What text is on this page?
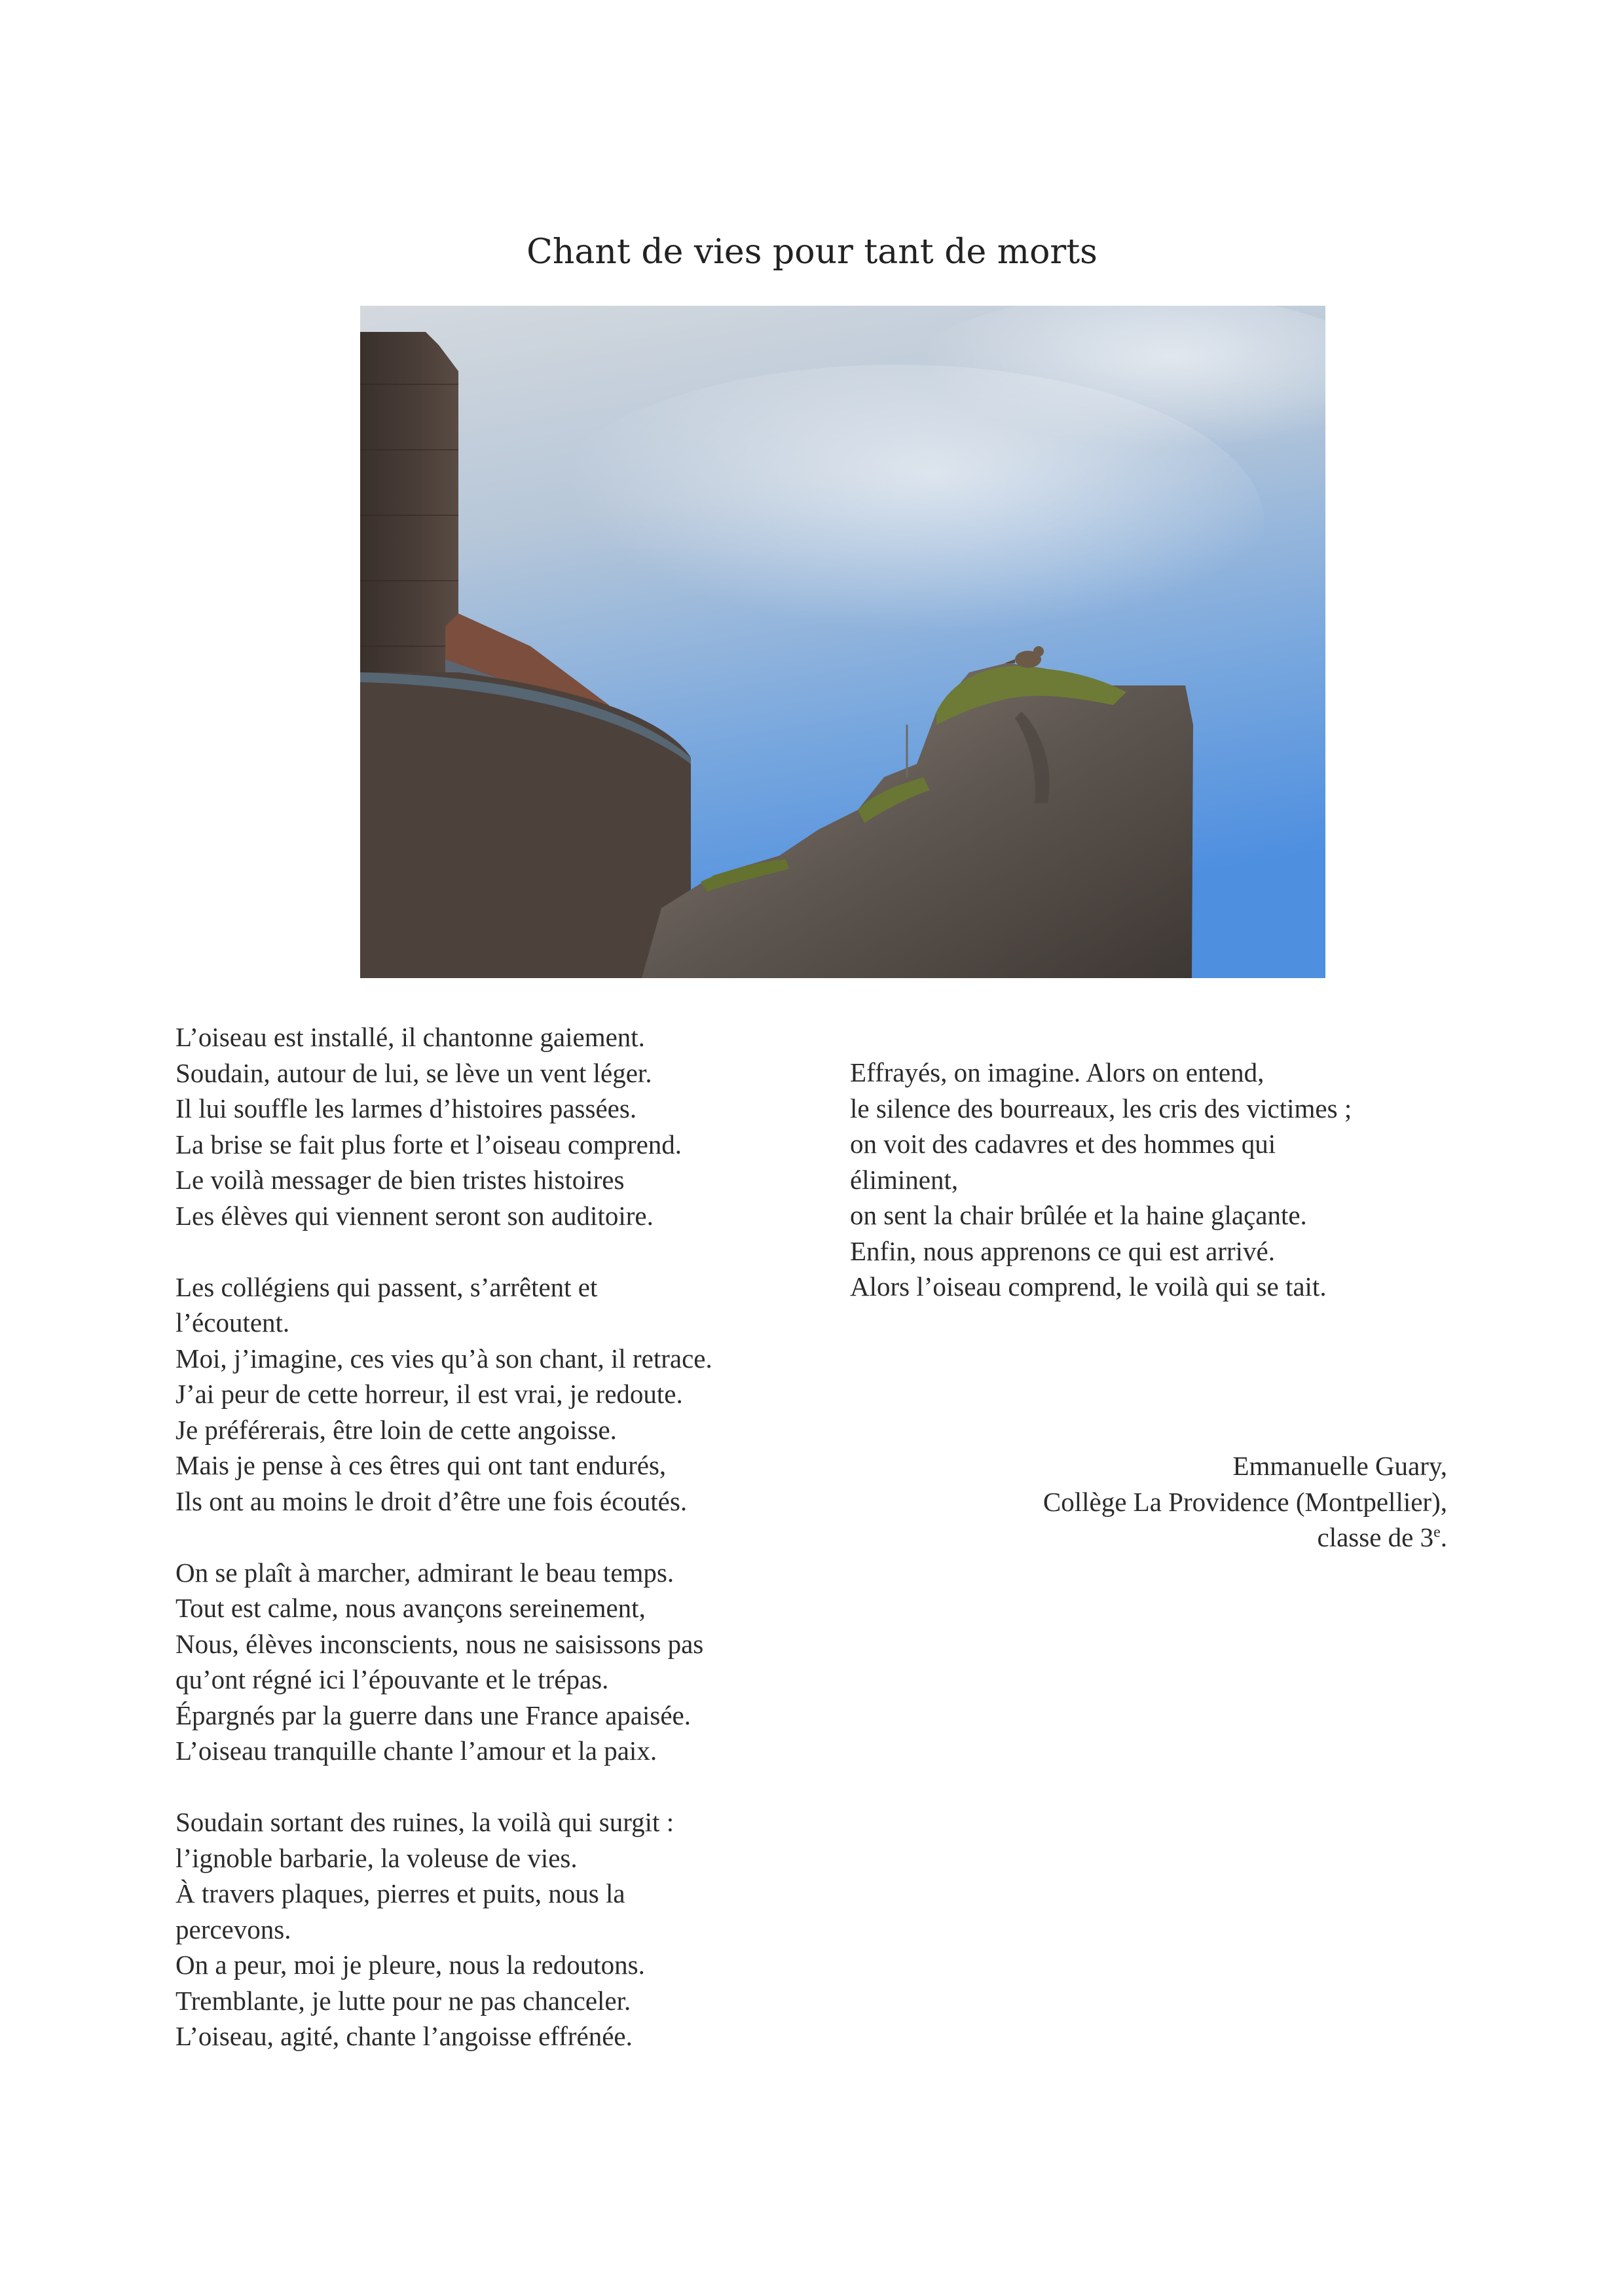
Chant de vies pour tant de morts
L’oiseau est installé, il chantonne gaiement.
Soudain, autour de lui, se lève un vent léger.
Il lui souffle les larmes d’histoires passées.
La brise se fait plus forte et l’oiseau comprend.
Le voilà messager de bien tristes histoires
Les élèves qui viennent seront son auditoire.
Les collégiens qui passent, s’arrêtent et
l’écoutent.
Moi, j’imagine, ces vies qu’à son chant, il retrace.
J’ai peur de cette horreur, il est vrai, je redoute.
Je préférerais, être loin de cette angoisse.
Mais je pense à ces êtres qui ont tant endurés,
Ils ont au moins le droit d’être une fois écoutés.
On se plaît à marcher, admirant le beau temps.
Tout est calme, nous avançons sereinement,
Nous, élèves inconscients, nous ne saisissons pas
qu’ont régné ici l’épouvante et le trépas.
Épargnés par la guerre dans une France apaisée.
L’oiseau tranquille chante l’amour et la paix.
Soudain sortant des ruines, la voilà qui surgit :
l’ignoble barbarie, la voleuse de vies.
À travers plaques, pierres et puits, nous la
percevons.
On a peur, moi je pleure, nous la redoutons.
Tremblante, je lutte pour ne pas chanceler.
L’oiseau, agité, chante l’angoisse effrénée.
Effrayés, on imagine. Alors on entend,
le silence des bourreaux, les cris des victimes ;
on voit des cadavres et des hommes qui
éliminent,
on sent la chair brûlée et la haine glaçante.
Enfin, nous apprenons ce qui est arrivé.
Alors l’oiseau comprend, le voilà qui se tait.
Emmanuelle Guary,
Collège La Providence (Montpellier),
classe de 3e.
